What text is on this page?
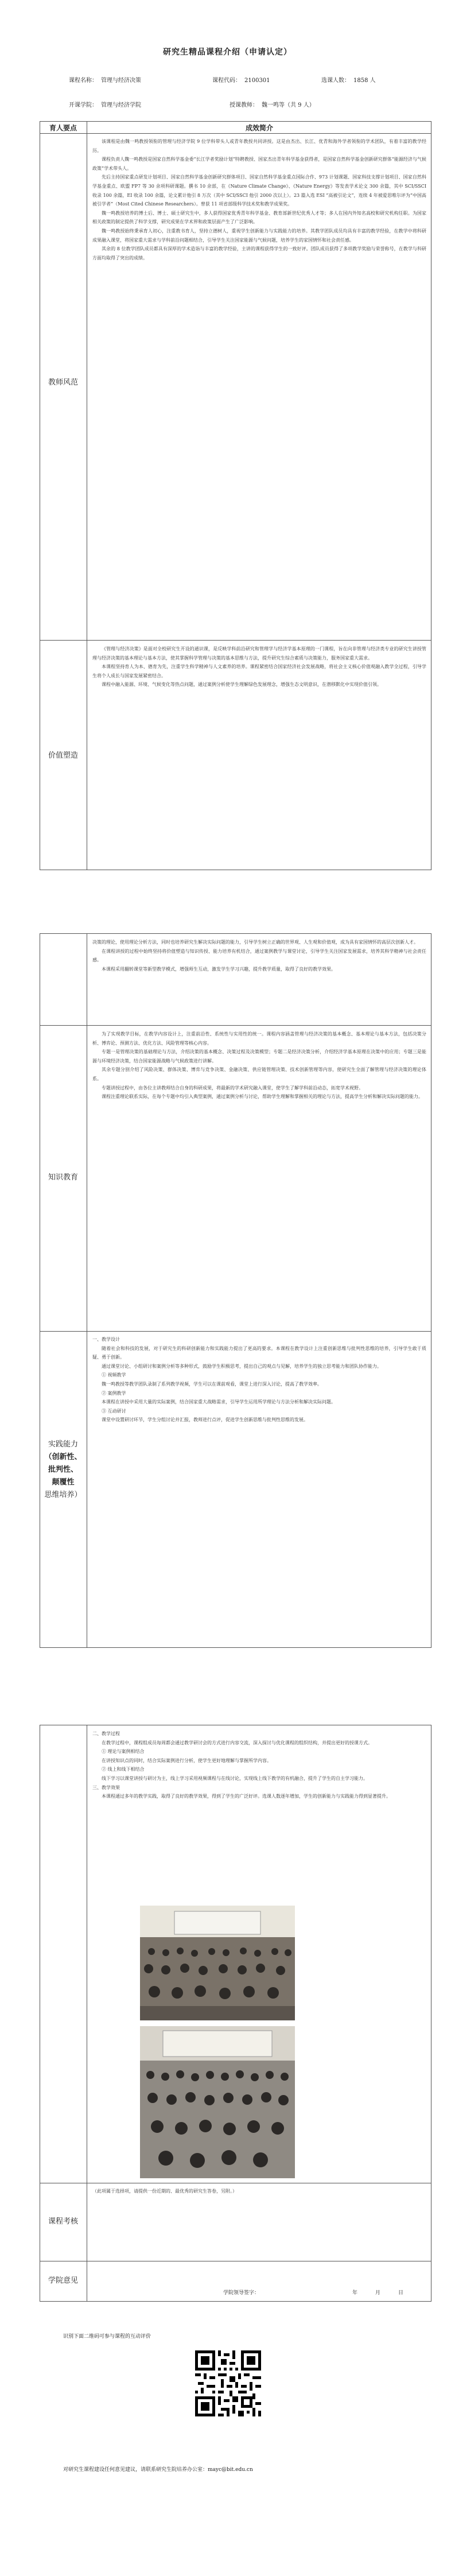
研究生精品课程介绍（申请认定）
课程名称： 管理与经济决策	课程代码： 2100301	选课人数： 1858 人
开课学院： 管理与经济学院	授课教师： 魏一鸣等（共 9 人）
育人要点	成效简介
教师风范

该课程是由魏一鸣教授领衔的管理与经济学院 9 位学科带头人或青年教授共同讲授。这是由杰出、长江、优青和海外学者领衔的学术团队，有着丰富的教学经历。

课程负责人魏一鸣教授是国家自然科学基金委“长江学者奖励计划”特聘教授、国家杰出青年科学基金获得者，是国家自然科学基金创新研究群体“能源经济与气候政策”学术带头人。

先后主持国家重点研发计划项目、国家自然科学基金创新研究群体项目、国家自然科学基金重点国际合作、973 计划课题、国家科技支撑计划项目、国家自然科学基金重点、欧盟 FP7 等 30 余项科研课题。撰书 10 余部，在《Nature Climate Change》、《Nature Energy》等发表学术论文 300 余篇，其中 SCI/SSCI 收录 100 余篇，EI 收录 100 余篇，论文累计他引 8 万次（其中 SCI/SSCI 他引 2000 次以上）。23 篇入选 ESI “高被引论文”，连续 4 年被爱思唯尔评为“中国高被引学者”（Most Cited Chinese Researchers）。曾获 11 项省部级科学技术奖和教学成果奖。

魏一鸣教授培养的博士后、博士、硕士研究生中，多人获得国家优秀青年科学基金、教育部新世纪优秀人才等；多人在国内外知名高校和研究机构任职。为国家相关政策的制定提供了科学支撑，研究成果在学术界和政策层面产生了广泛影响。

魏一鸣教授始终秉承育人初心，注重教书育人，坚持立德树人，重视学生创新能力与实践能力的培养。其教学团队成员均具有丰富的教学经验，在教学中将科研成果融入课堂，将国家重大需求与学科前沿问题相结合，引导学生关注国家能源与气候问题，培养学生的家国情怀和社会责任感。

其余的 8 位教学团队成员都具有深厚的学术造诣与丰富的教学经验，主讲的课程获得学生的一致好评。团队成员获得了多项教学奖励与荣誉称号，在教学与科研方面均取得了突出的成绩。

价值塑造

《管理与经济决策》是面对全校研究生开设的通识课，是反映学科前沿研究和管理学与经济学基本原理的一门课程，旨在向非管理与经济类专业的研究生讲授管理与经济决策的基本理论与基本方法，使其掌握科学管理与决策的基本思维与方法，提升研究生综合素质与决策能力，服务国家重大需求。

本课程坚持育人为本、德育为先，注重学生科学精神与人文素养的培养。课程紧密结合国家经济社会发展战略，将社会主义核心价值观融入教学全过程，引导学生将个人成长与国家发展紧密结合。

课程中融入能源、环境、气候变化等热点问题，通过案例分析使学生理解绿色发展理念，增强生态文明意识，在潜移默化中实现价值引领。

决策的理论，使用理论分析方法，同时也培养研究生解决实际问题的能力，引导学生树立正确的世界观、人生观和价值观，成为具有家国情怀的高层次创新人才。

在课程讲授的过程中始终坚持将价值塑造与知识传授、能力培养有机结合，通过案例教学与课堂讨论，引导学生关注国家发展需求，培养其科学精神与社会责任感。

本课程采用翻转课堂等新型教学模式，增强师生互动，激发学生学习兴趣，提升教学质量，取得了良好的教学效果。

知识教育

为了实现教学目标，在教学内容设计上，注重前沿性、系统性与实用性的统一。课程内容涵盖管理与经济决策的基本概念、基本理论与基本方法，包括决策分析、博弈论、预测方法、优化方法、风险管理等核心内容。

专题一是管理决策的基础理论与方法，介绍决策的基本概念、决策过程及决策模型；专题二是经济决策分析，介绍经济学基本原理在决策中的应用；专题三是能源与环境经济决策，结合国家能源战略与气候政策进行讲解。

其余专题分别介绍了风险决策、群体决策、博弈与竞争决策、金融决策、供应链管理决策、技术创新管理等内容，使研究生全面了解管理与经济决策的理论体系。

专题讲授过程中，由各位主讲教师结合自身的科研成果，将最新的学术研究融入课堂，使学生了解学科前沿动态，拓宽学术视野。

课程注重理论联系实际，在每个专题中均引入典型案例，通过案例分析与讨论，帮助学生理解和掌握相关的理论与方法，提高学生分析和解决实际问题的能力。

实践能力
（创新性、
批判性、
颠覆性
思维培养）

一、教学设计

随着社会和科技的发展，对于研究生的科研创新能力和实践能力提出了更高的要求。本课程在教学设计上注重创新思维与批判性思维的培养，引导学生敢于质疑、勇于创新。

通过课堂讨论、小组研讨和案例分析等多种形式，鼓励学生积极思考，提出自己的观点与见解，培养学生的独立思考能力和团队协作能力。

① 视频教学

魏一鸣教授等教学团队录制了系列教学视频，学生可以在课前观看，课堂上进行深入讨论，提高了教学效率。

② 案例教学

本课程在讲授中采用大量的实际案例，结合国家重大战略需求，引导学生运用所学理论与方法分析和解决实际问题。

③ 互动研讨

课堂中设置研讨环节，学生分组讨论并汇报，教师进行点评，促进学生创新思维与批判性思维的发展。

二、教学过程

在教学过程中，课程组成员每周都会通过教学研讨会的方式进行内容交流，深入探讨与优化课程的组织结构，并提出更好的授课方式。

① 理论与案例相结合

在讲授知识点的同时，结合实际案例进行分析，使学生更好地理解与掌握所学内容。

② 线上和线下相结合

线下学习以课堂讲授与研讨为主，线上学习采用视频课程与在线讨论，实现线上线下教学的有机融合，提升了学生的自主学习能力。

三、教学效果

本课程通过多年的教学实践，取得了良好的教学效果，得到了学生的广泛好评。选课人数逐年增加，学生的创新能力与实践能力得到显著提升。

课程考核

（此项属于选择项，请提供一份近期的、最优秀的研究生答卷，另附。）

学院意见
学院领导签字：	年	月	日
识别下面二维码可参与课程的互动评价
对研究生课程建设任何意见建议，请联系研究生院培养办公室：mayc@bit.edu.cn
